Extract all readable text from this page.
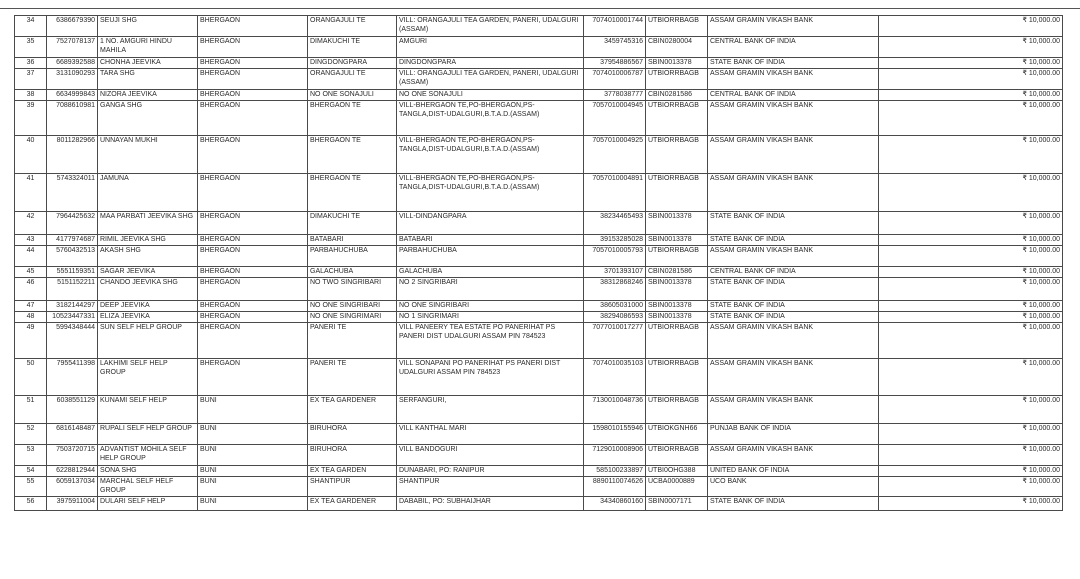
34	6386679390	SEUJI SHG	BHERGAON	ORANGAJULI TE	VILL: ORANGAJULI TEA GARDEN, PANERI, UDALGURI (ASSAM)	7074010001744	UTBIORRBAGB	ASSAM GRAMIN VIKASH BANK	₹ 10,000.00
35	7527078137	1 NO. AMGURI HINDU MAHILA	BHERGAON	DIMAKUCHI TE	AMGURI	3459745316	CBIN0280004	CENTRAL BANK OF INDIA	₹ 10,000.00
36	6689392588	CHONHA JEEVIKA	BHERGAON	DINGDONGPARA	DINGDONGPARA	37954886567	SBIN0013378	STATE BANK OF INDIA	₹ 10,000.00
37	3131090293	TARA SHG	BHERGAON	ORANGAJULI TE	VILL: ORANGAJULI TEA GARDEN, PANERI, UDALGURI (ASSAM)	7074010006787	UTBIORRBAGB	ASSAM GRAMIN VIKASH BANK	₹ 10,000.00
38	6634999843	NIZORA JEEVIKA	BHERGAON	NO ONE SONAJULI	NO ONE SONAJULI	3778038777	CBIN0281586	CENTRAL BANK OF INDIA	₹ 10,000.00
39	7088610981	GANGA SHG	BHERGAON	BHERGAON TE	VILL-BHERGAON TE,PO-BHERGAON,PS-TANGLA,DIST-UDALGURI,B.T.A.D.(ASSAM)	7057010004945	UTBIORRBAGB	ASSAM GRAMIN VIKASH BANK	₹ 10,000.00
40	8011282966	UNNAYAN MUKHI	BHERGAON	BHERGAON TE	VILL-BHERGAON TE,PO-BHERGAON,PS-TANGLA,DIST-UDALGURI,B.T.A.D.(ASSAM)	7057010004925	UTBIORRBAGB	ASSAM GRAMIN VIKASH BANK	₹ 10,000.00
41	5743324011	JAMUNA	BHERGAON	BHERGAON TE	VILL-BHERGAON TE,PO-BHERGAON,PS-TANGLA,DIST-UDALGURI,B.T.A.D.(ASSAM)	7057010004891	UTBIORRBAGB	ASSAM GRAMIN VIKASH BANK	₹ 10,000.00
42	7964425632	MAA PARBATI JEEVIKA SHG	BHERGAON	DIMAKUCHI TE	VILL-DINDANGPARA	38234465493	SBIN0013378	STATE BANK OF INDIA	₹ 10,000.00
43	4177974687	RIMIL JEEVIKA SHG	BHERGAON	BATABARI	BATABARI	39153285028	SBIN0013378	STATE BANK OF INDIA	₹ 10,000.00
44	5760432513	AKASH SHG	BHERGAON	PARBAHUCHUBA	PARBAHUCHUBA	7057010005793	UTBIORRBAGB	ASSAM GRAMIN VIKASH BANK	₹ 10,000.00
45	5551159351	SAGAR JEEVIKA	BHERGAON	GALACHUBA	GALACHUBA	3701393107	CBIN0281586	CENTRAL BANK OF INDIA	₹ 10,000.00
46	5151152211	CHANDO JEEVIKA SHG	BHERGAON	NO TWO SINGRIBARI	NO 2 SINGRIBARI	38312868246	SBIN0013378	STATE BANK OF INDIA	₹ 10,000.00
47	3182144297	DEEP JEEVIKA	BHERGAON	NO ONE SINGRIBARI	NO ONE SINGRIBARI	38605031000	SBIN0013378	STATE BANK OF INDIA	₹ 10,000.00
48	10523447331	ELIZA JEEVIKA	BHERGAON	NO ONE SINGRIMARI	NO 1 SINGRIMARI	38294086593	SBIN0013378	STATE BANK OF INDIA	₹ 10,000.00
49	5994348444	SUN SELF HELP GROUP	BHERGAON	PANERI TE	VILL PANEERY TEA ESTATE PO PANERIHAT PS PANERI DIST UDALGURI ASSAM PIN 784523	7077010017277	UTBIORRBAGB	ASSAM GRAMIN VIKASH BANK	₹ 10,000.00
50	7955411398	LAKHIMI SELF HELP GROUP	BHERGAON	PANERI TE	VILL SONAPANI PO PANERIHAT PS PANERI DIST UDALGURI ASSAM PIN 784523	7074010035103	UTBIORRBAGB	ASSAM GRAMIN VIKASH BANK	₹ 10,000.00
51	6038551129	KUNAMI SELF HELP	BUNI	EX TEA GARDENER	SERFANGURI,	7130010048736	UTBIORRBAGB	ASSAM GRAMIN VIKASH BANK	₹ 10,000.00
52	6816148487	RUPALI SELF HELP GROUP	BUNI	BIRUHORA	VILL KANTHAL MARI	1598010155946	UTBIOKGNH66	PUNJAB BANK OF INDIA	₹ 10,000.00
53	7503720715	ADVANTIST MOHILA SELF HELP GROUP	BUNI	BIRUHORA	VILL BANDOGURI	7129010008906	UTBIORRBAGB	ASSAM GRAMIN VIKASH BANK	₹ 10,000.00
54	6228812944	SONA SHG	BUNI	EX TEA GARDEN	DUNABARI, PO: RANIPUR	585100233897	UTBI0OHG388	UNITED BANK OF INDIA	₹ 10,000.00
55	6059137034	MARCHAL SELF HELF GROUP	BUNI	SHANTIPUR	SHANTIPUR	8890110074626	UCBA0000889	UCO BANK	₹ 10,000.00
56	3975911004	DULARI SELF HELP	BUNI	EX TEA GARDENER	DABABIL, PO: SUBHAIJHAR	34340860160	SBIN0007171	STATE BANK OF INDIA	₹ 10,000.00
